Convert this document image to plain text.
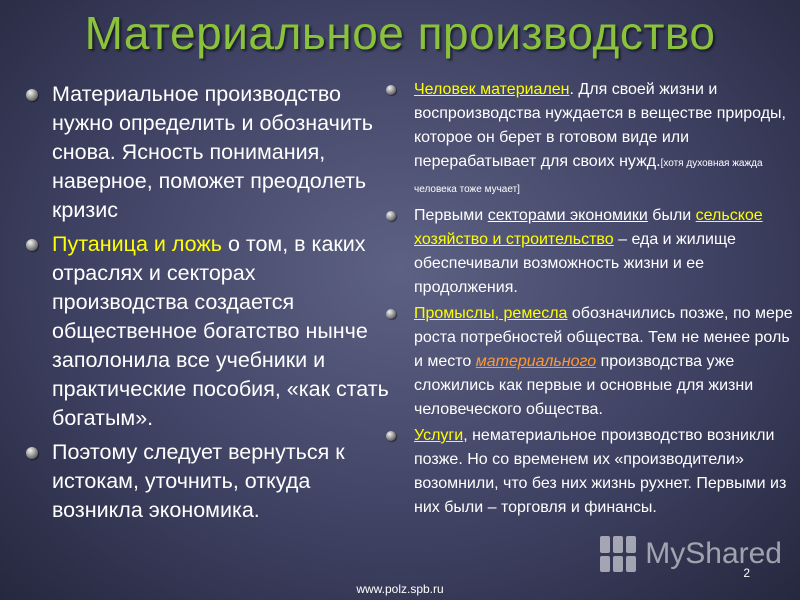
Материальное производство
Материальное производство нужно определить и обозначить снова. Ясность понимания, наверное, поможет преодолеть кризис
Путаница и ложь о том, в каких отраслях и секторах производства создается общественное богатство нынче заполонила все учебники и практические пособия, «как стать богатым».
Поэтому следует вернуться к истокам, уточнить, откуда возникла экономика.
Человек материален. Для своей жизни и воспроизводства нуждается в веществе природы, которое он берет в готовом виде или перерабатывает для своих нужд.[хотя духовная жажда человека тоже мучает]
Первыми секторами экономики были сельское хозяйство и строительство – еда и жилище обеспечивали возможность жизни и ее продолжения.
Промыслы, ремесла обозначились позже, по мере роста потребностей общества. Тем не менее роль и место материального производства уже сложились как первые и основные для жизни человеческого общества.
Услуги, нематериальное производство возникли позже. Но со временем их «производители» возомнили, что без них жизнь рухнет. Первыми из них были – торговля и финансы.
MyShared
2
www.polz.spb.ru
